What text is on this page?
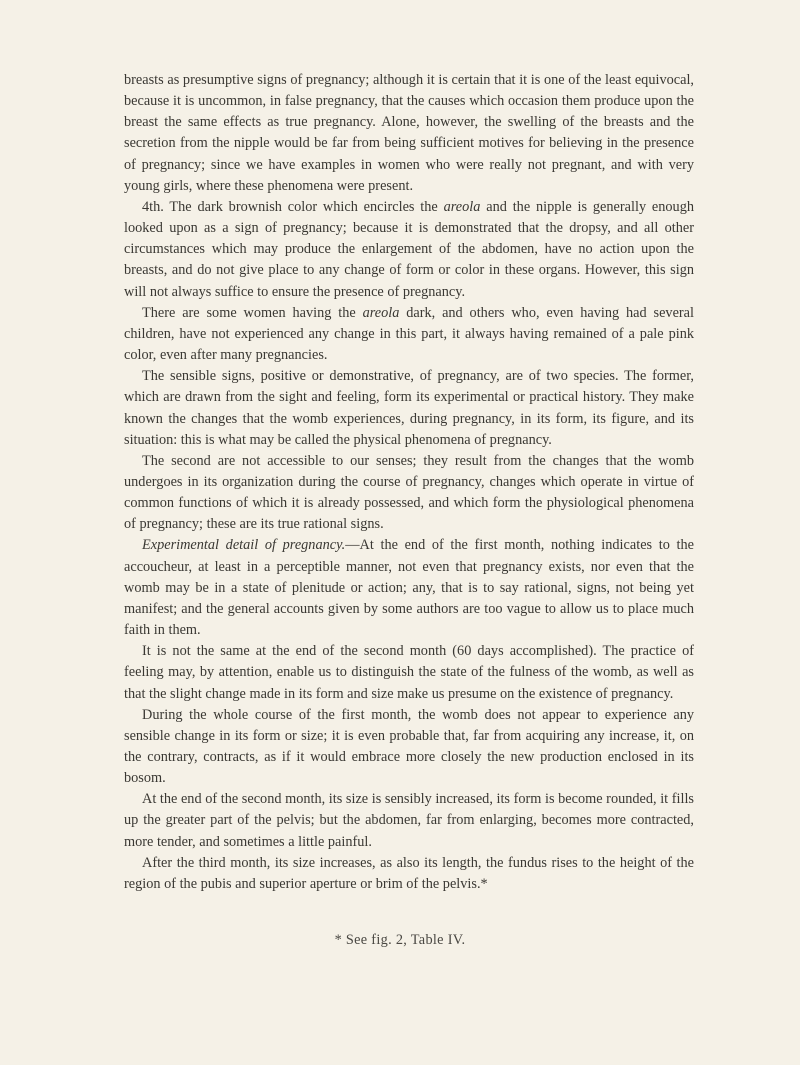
breasts as presumptive signs of pregnancy; although it is certain that it is one of the least equivocal, because it is uncommon, in false pregnancy, that the causes which occasion them produce upon the breast the same effects as true pregnancy. Alone, however, the swelling of the breasts and the secretion from the nipple would be far from being sufficient motives for believing in the presence of pregnancy; since we have examples in women who were really not pregnant, and with very young girls, where these phenomena were present.

4th. The dark brownish color which encircles the areola and the nipple is generally enough looked upon as a sign of pregnancy; because it is demonstrated that the dropsy, and all other circumstances which may produce the enlargement of the abdomen, have no action upon the breasts, and do not give place to any change of form or color in these organs. However, this sign will not always suffice to ensure the presence of pregnancy.

There are some women having the areola dark, and others who, even having had several children, have not experienced any change in this part, it always having remained of a pale pink color, even after many pregnancies.

The sensible signs, positive or demonstrative, of pregnancy, are of two species. The former, which are drawn from the sight and feeling, form its experimental or practical history. They make known the changes that the womb experiences, during pregnancy, in its form, its figure, and its situation: this is what may be called the physical phenomena of pregnancy.

The second are not accessible to our senses; they result from the changes that the womb undergoes in its organization during the course of pregnancy, changes which operate in virtue of common functions of which it is already possessed, and which form the physiological phenomena of pregnancy; these are its true rational signs.

Experimental detail of pregnancy.—At the end of the first month, nothing indicates to the accoucheur, at least in a perceptible manner, not even that pregnancy exists, nor even that the womb may be in a state of plenitude or action; any, that is to say rational, signs, not being yet manifest; and the general accounts given by some authors are too vague to allow us to place much faith in them.

It is not the same at the end of the second month (60 days accomplished). The practice of feeling may, by attention, enable us to distinguish the state of the fulness of the womb, as well as that the slight change made in its form and size make us presume on the existence of pregnancy.

During the whole course of the first month, the womb does not appear to experience any sensible change in its form or size; it is even probable that, far from acquiring any increase, it, on the contrary, contracts, as if it would embrace more closely the new production enclosed in its bosom.

At the end of the second month, its size is sensibly increased, its form is become rounded, it fills up the greater part of the pelvis; but the abdomen, far from enlarging, becomes more contracted, more tender, and sometimes a little painful.

After the third month, its size increases, as also its length, the fundus rises to the height of the region of the pubis and superior aperture or brim of the pelvis.*

* See fig. 2, Table IV.
